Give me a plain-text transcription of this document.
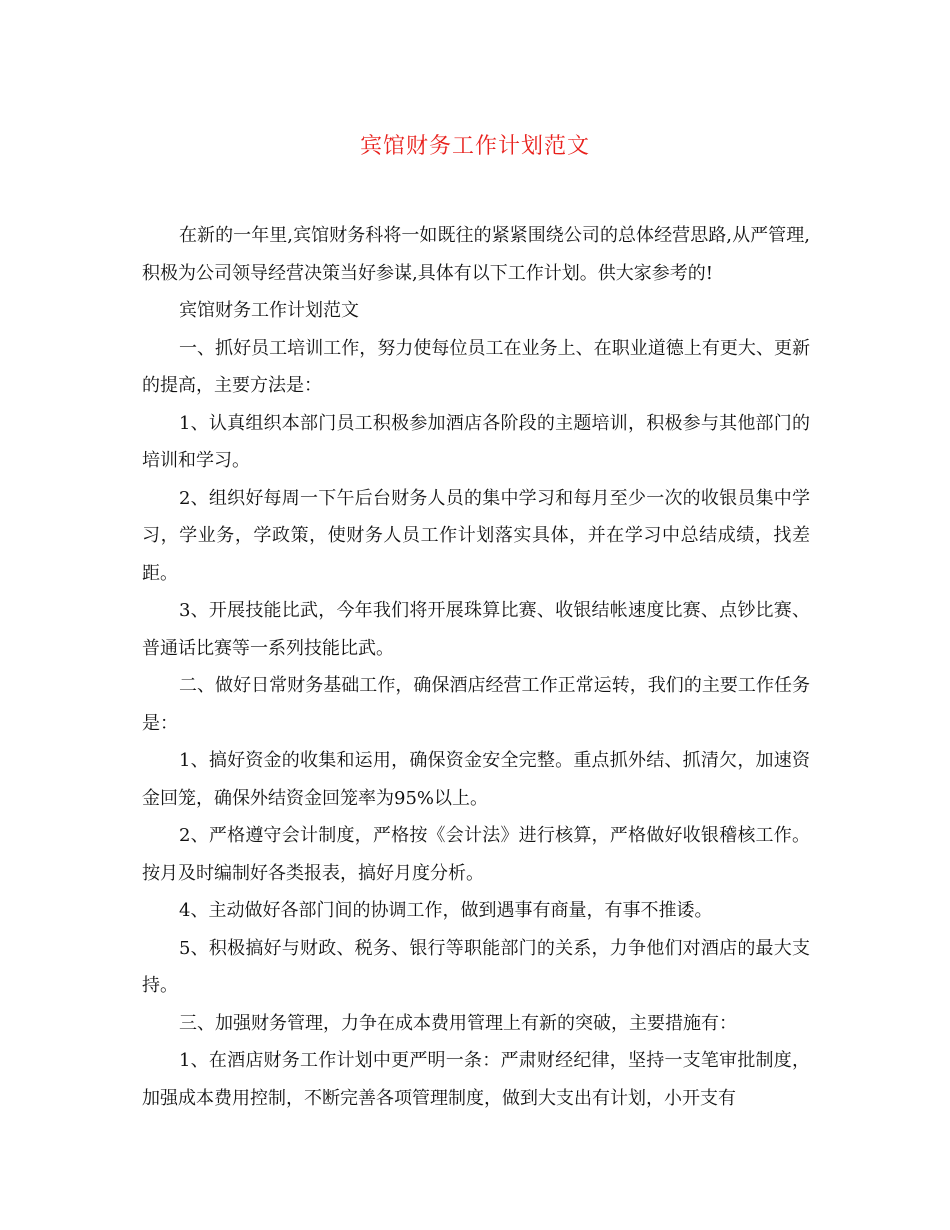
宾馆财务工作计划范文

在新的一年里,宾馆财务科将一如既往的紧紧围绕公司的总体经营思路,从严管理,积极为公司领导经营决策当好参谋,具体有以下工作计划。供大家参考的!

宾馆财务工作计划范文

一、抓好员工培训工作，努力使每位员工在业务上、在职业道德上有更大、更新的提高，主要方法是：

1、认真组织本部门员工积极参加酒店各阶段的主题培训，积极参与其他部门的培训和学习。

2、组织好每周一下午后台财务人员的集中学习和每月至少一次的收银员集中学习，学业务，学政策，使财务人员工作计划落实具体，并在学习中总结成绩，找差距。

3、开展技能比武，今年我们将开展珠算比赛、收银结帐速度比赛、点钞比赛、普通话比赛等一系列技能比武。

二、做好日常财务基础工作，确保酒店经营工作正常运转，我们的主要工作任务是：

1、搞好资金的收集和运用，确保资金安全完整。重点抓外结、抓清欠，加速资金回笼，确保外结资金回笼率为95%以上。

2、严格遵守会计制度，严格按《会计法》进行核算，严格做好收银稽核工作。按月及时编制好各类报表，搞好月度分析。

4、主动做好各部门间的协调工作，做到遇事有商量，有事不推诿。

5、积极搞好与财政、税务、银行等职能部门的关系，力争他们对酒店的最大支持。

三、加强财务管理，力争在成本费用管理上有新的突破，主要措施有：

1、在酒店财务工作计划中更严明一条：严肃财经纪律，坚持一支笔审批制度，加强成本费用控制，不断完善各项管理制度，做到大支出有计划，小开支有
